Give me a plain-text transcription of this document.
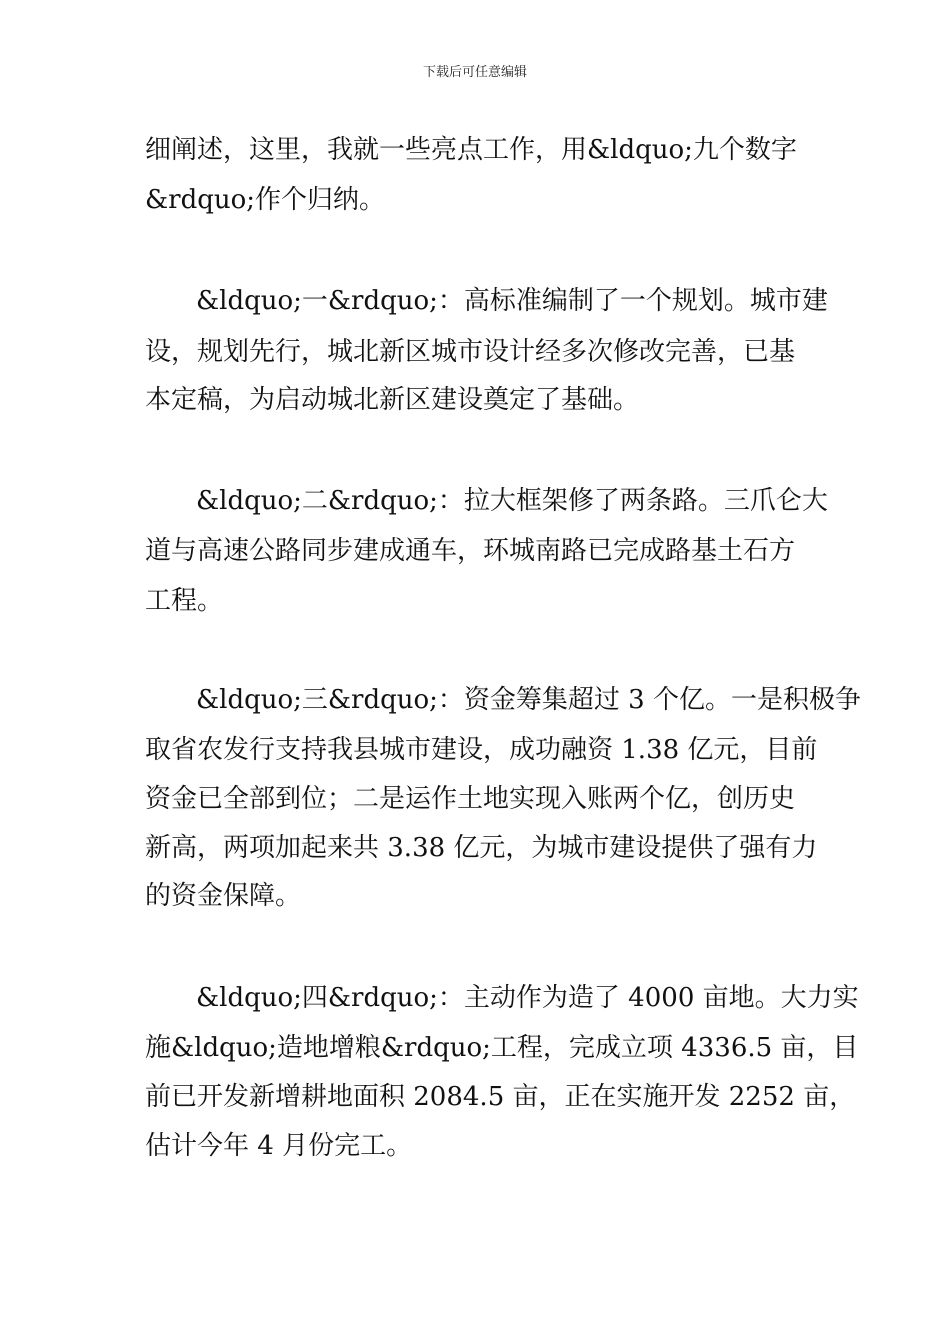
下载后可任意编辑
细阐述，这里，我就一些亮点工作，用&ldquo;九个数字
&rdquo;作个归纳。
&ldquo;一&rdquo;：高标准编制了一个规划。城市建
设，规划先行，城北新区城市设计经多次修改完善，已基
本定稿，为启动城北新区建设奠定了基础。
&ldquo;二&rdquo;：拉大框架修了两条路。三爪仑大
道与高速公路同步建成通车，环城南路已完成路基土石方
工程。
&ldquo;三&rdquo;：资金筹集超过 3 个亿。一是积极争
取省农发行支持我县城市建设，成功融资 1.38 亿元，目前
资金已全部到位；二是运作土地实现入账两个亿，创历史
新高，两项加起来共 3.38 亿元，为城市建设提供了强有力
的资金保障。
&ldquo;四&rdquo;：主动作为造了 4000 亩地。大力实
施&ldquo;造地增粮&rdquo;工程，完成立项 4336.5 亩，目
前已开发新增耕地面积 2084.5 亩，正在实施开发 2252 亩，
估计今年 4 月份完工。
